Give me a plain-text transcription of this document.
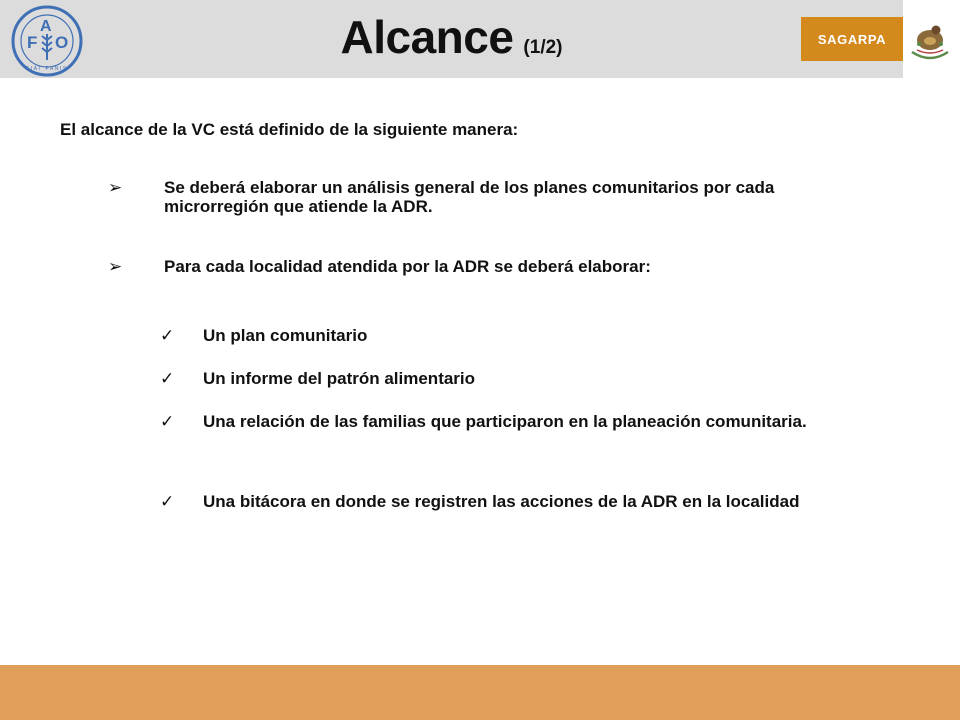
F
A
O
FIAT PANIS
Alcance (1/2)	SAGARPA

El alcance de la VC está definido de la siguiente manera:

➢	Se deberá elaborar un análisis general de los planes comunitarios por cada microrregión que atiende la ADR.
➢	Para cada localidad atendida por la ADR se deberá elaborar:
✓	Un plan comunitario
✓	Un informe del patrón alimentario
✓	Una relación de las familias que participaron en la planeación comunitaria.
✓	Una bitácora en donde se registren las acciones de la ADR en la localidad
